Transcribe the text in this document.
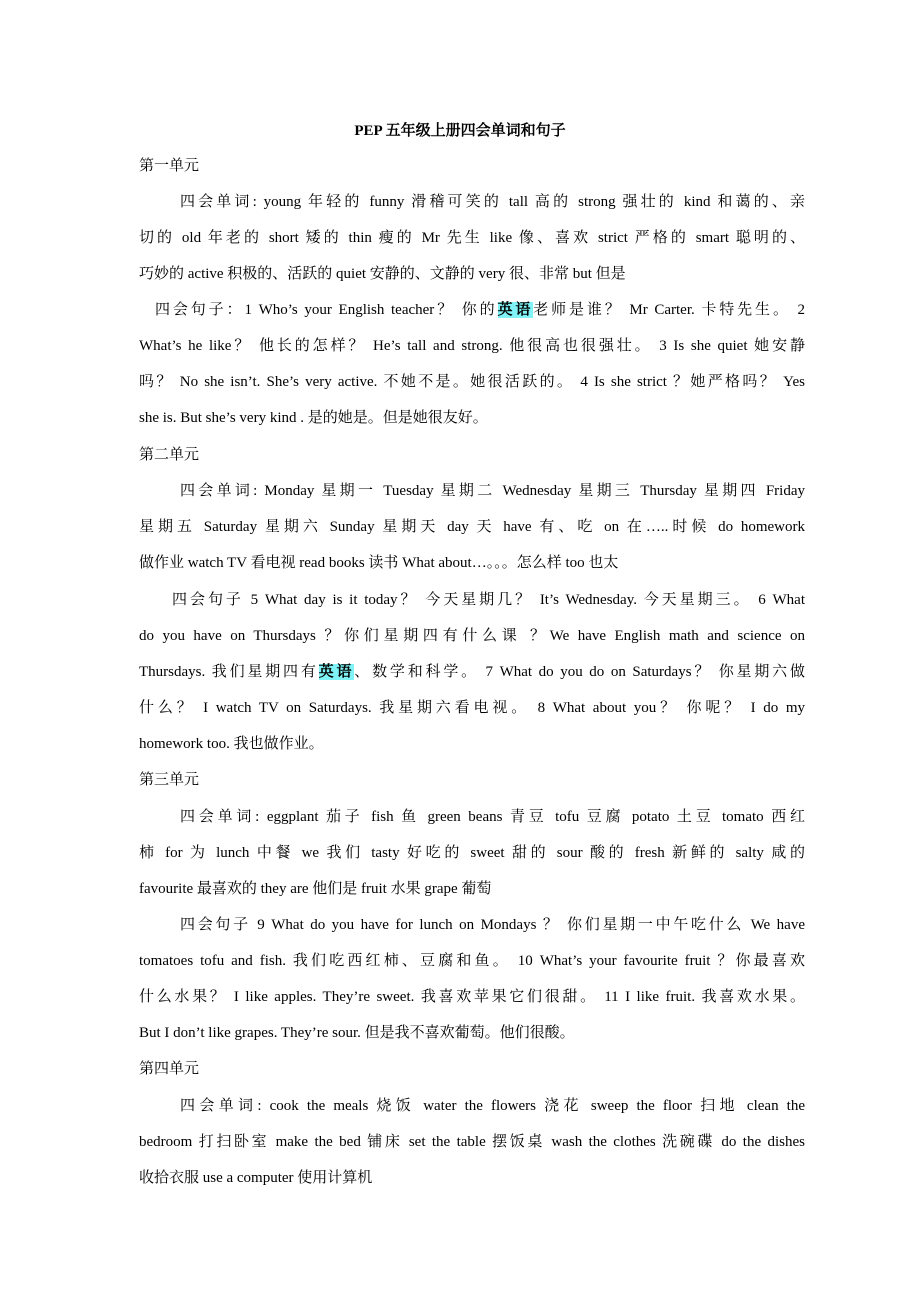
PEP 五年级上册四会单词和句子
第一单元
四会单词: young 年轻的 funny 滑稽可笑的 tall 高的 strong 强壮的 kind 和蔼的、亲
切的 old 年老的 short 矮的 thin 瘦的 Mr 先生 like 像、喜欢 strict 严格的 smart 聪明的、
巧妙的 active 积极的、活跃的 quiet 安静的、文静的 very 很、非常 but 但是
四会句子：1 Who’s your English teacher？ 你的英语老师是谁？ Mr Carter. 卡特先生。 2
What’s he like？ 他长的怎样？ He’s tall and strong. 他很高也很强壮。 3 Is she quiet 她安静
吗？ No she isn’t. She’s very active. 不她不是。她很活跃的。 4 Is she strict ？她严格吗？ Yes
she is. But she’s very kind . 是的她是。但是她很友好。
第二单元
四会单词: Monday 星期一 Tuesday 星期二 Wednesday 星期三 Thursday 星期四 Friday
星期五 Saturday 星期六 Sunday 星期天 day 天 have 有、吃 on 在…..时候 do homework
做作业 watch TV 看电视 read books 读书 What about…。。。怎么样 too 也太
四会句子 5 What day is it today？ 今天星期几？ It’s Wednesday. 今天星期三。 6 What
do you have on Thursdays ？你们星期四有什么课 ？We have English math and science on
Thursdays. 我们星期四有英语、数学和科学。 7 What do you do on Saturdays？ 你星期六做
什么？ I watch TV on Saturdays. 我星期六看电视。 8 What about you？ 你呢？ I do my
homework too. 我也做作业。
第三单元
四会单词: eggplant 茄子 fish 鱼 green beans 青豆 tofu 豆腐 potato 土豆 tomato 西红
柿 for 为 lunch 中餐 we 我们 tasty 好吃的 sweet 甜的 sour 酸的 fresh 新鲜的 salty 咸的
favourite 最喜欢的 they are 他们是 fruit 水果 grape 葡萄
四会句子 9 What do you have for lunch on Mondays ？ 你们星期一中午吃什么 We have
tomatoes tofu and fish. 我们吃西红柿、豆腐和鱼。 10 What’s your favourite fruit ？你最喜欢
什么水果？ I like apples. They’re sweet. 我喜欢苹果它们很甜。 11 I like fruit. 我喜欢水果。
But I don’t like grapes. They’re sour. 但是我不喜欢葡萄。他们很酸。
第四单元
四会单词: cook the meals 烧饭 water the flowers 浇花 sweep the floor 扫地 clean the
bedroom 打扫卧室 make the bed 铺床 set the table 摆饭桌 wash the clothes 洗碗碟 do the dishes
收拾衣服 use a computer 使用计算机
